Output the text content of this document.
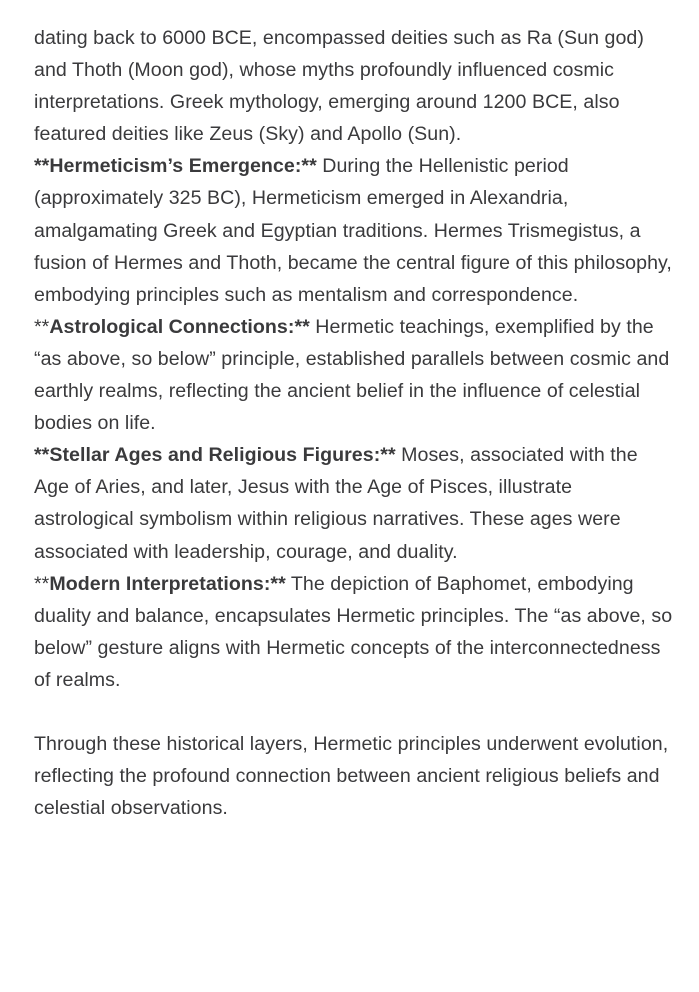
dating back to 6000 BCE, encompassed deities such as Ra (Sun god) and Thoth (Moon god), whose myths profoundly influenced cosmic interpretations. Greek mythology, emerging around 1200 BCE, also featured deities like Zeus (Sky) and Apollo (Sun).

**Hermeticism’s Emergence:** During the Hellenistic period (approximately 325 BC), Hermeticism emerged in Alexandria, amalgamating Greek and Egyptian traditions. Hermes Trismegistus, a fusion of Hermes and Thoth, became the central figure of this philosophy, embodying principles such as mentalism and correspondence.

**Astrological Connections:** Hermetic teachings, exemplified by the “as above, so below” principle, established parallels between cosmic and earthly realms, reflecting the ancient belief in the influence of celestial bodies on life.

**Stellar Ages and Religious Figures:** Moses, associated with the Age of Aries, and later, Jesus with the Age of Pisces, illustrate astrological symbolism within religious narratives. These ages were associated with leadership, courage, and duality.

**Modern Interpretations:** The depiction of Baphomet, embodying duality and balance, encapsulates Hermetic principles. The “as above, so below” gesture aligns with Hermetic concepts of the interconnectedness of realms.

Through these historical layers, Hermetic principles underwent evolution, reflecting the profound connection between ancient religious beliefs and celestial observations.
